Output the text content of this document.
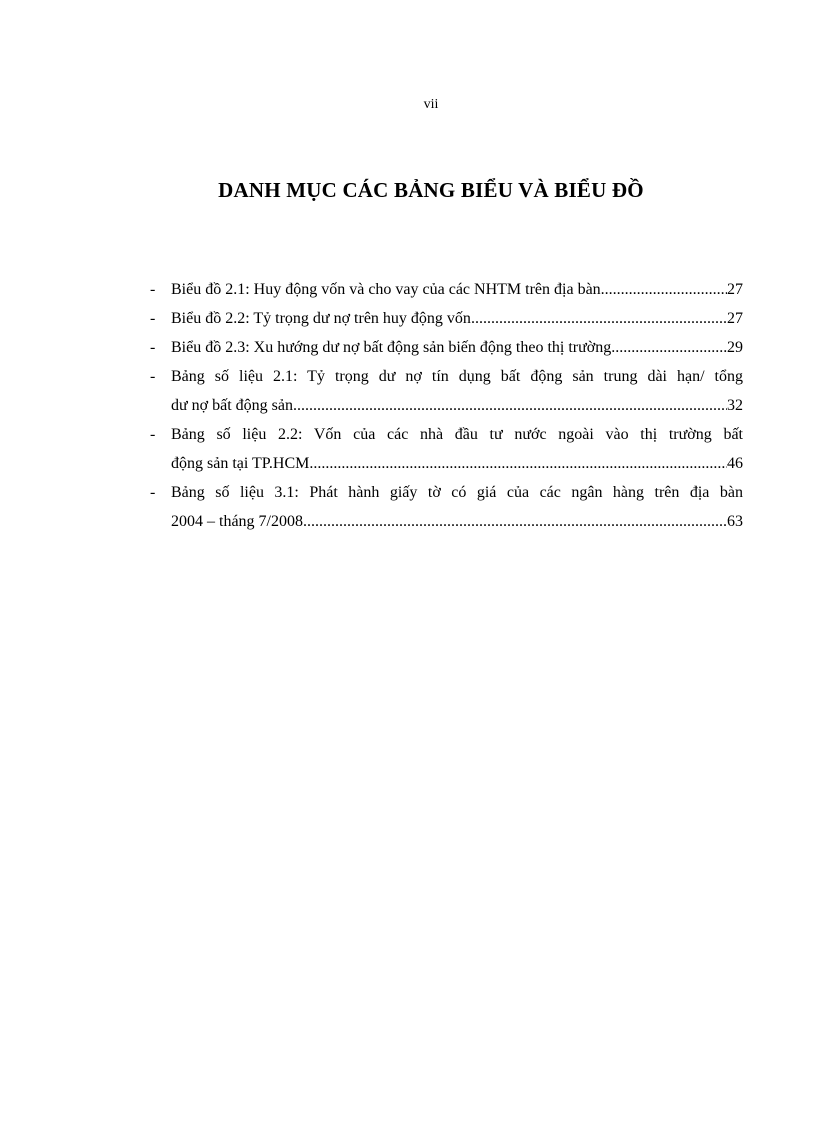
vii
DANH MỤC CÁC BẢNG BIỂU VÀ BIỂU ĐỒ
- Biểu đồ 2.1: Huy động vốn và cho vay của các NHTM trên địa bàn .....	27
- Biểu đồ 2.2: Tỷ trọng dư nợ trên huy động vốn .....	27
- Biểu đồ 2.3: Xu hướng dư nợ bất động sản biến động theo thị trường .....	29
- Bảng số liệu 2.1: Tỷ trọng dư nợ tín dụng bất động sản trung dài hạn/ tổng
dư nợ bất động sản .....	32
- Bảng số liệu 2.2: Vốn của các nhà đầu tư nước ngoài vào thị trường bất
động sản tại TP.HCM .....	46
- Bảng số liệu 3.1: Phát hành giấy tờ có giá của các ngân hàng trên địa bàn
2004 – tháng 7/2008 .....	63
